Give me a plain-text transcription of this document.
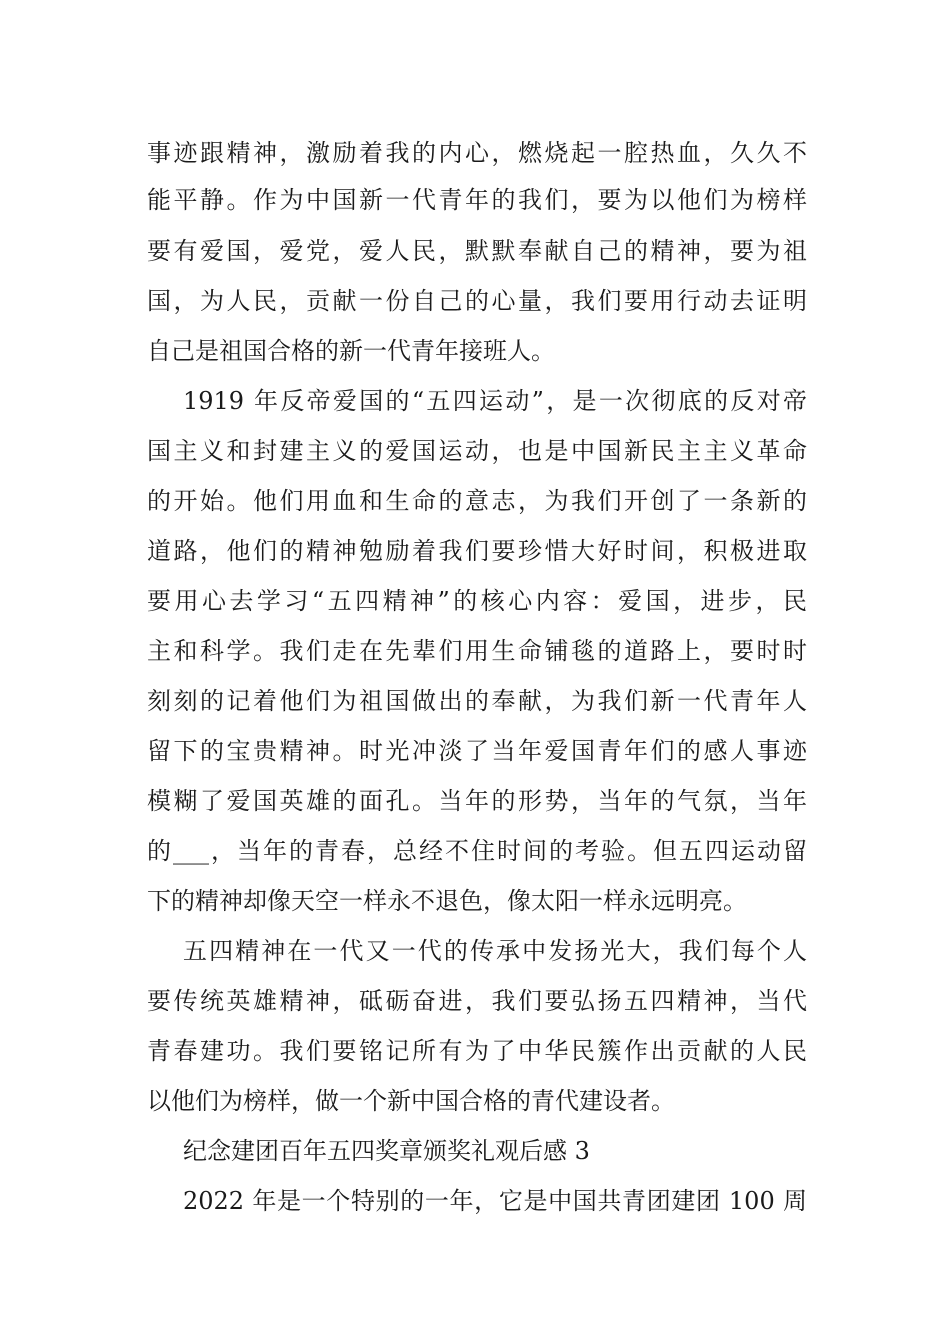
事迹跟精神，激励着我的内心，燃烧起一腔热血，久久不
能平静。作为中国新一代青年的我们，要为以他们为榜样
要有爱国，爱党，爱人民，默默奉献自己的精神，要为祖
国，为人民，贡献一份自己的心量，我们要用行动去证明
自己是祖国合格的新一代青年接班人。
1919 年反帝爱国的“五四运动”，是一次彻底的反对帝
国主义和封建主义的爱国运动，也是中国新民主主义革命
的开始。他们用血和生命的意志，为我们开创了一条新的
道路，他们的精神勉励着我们要珍惜大好时间，积极进取
要用心去学习“五四精神”的核心内容：爱国，进步，民
主和科学。我们走在先辈们用生命铺毯的道路上，要时时
刻刻的记着他们为祖国做出的奉献，为我们新一代青年人
留下的宝贵精神。时光冲淡了当年爱国青年们的感人事迹
模糊了爱国英雄的面孔。当年的形势，当年的气氛，当年
的___，当年的青春，总经不住时间的考验。但五四运动留
下的精神却像天空一样永不退色，像太阳一样永远明亮。
五四精神在一代又一代的传承中发扬光大，我们每个人
要传统英雄精神，砥砺奋进，我们要弘扬五四精神，当代
青春建功。我们要铭记所有为了中华民簇作出贡献的人民
以他们为榜样，做一个新中国合格的青代建设者。
纪念建团百年五四奖章颁奖礼观后感 3
2022 年是一个特别的一年，它是中国共青团建团 100 周
